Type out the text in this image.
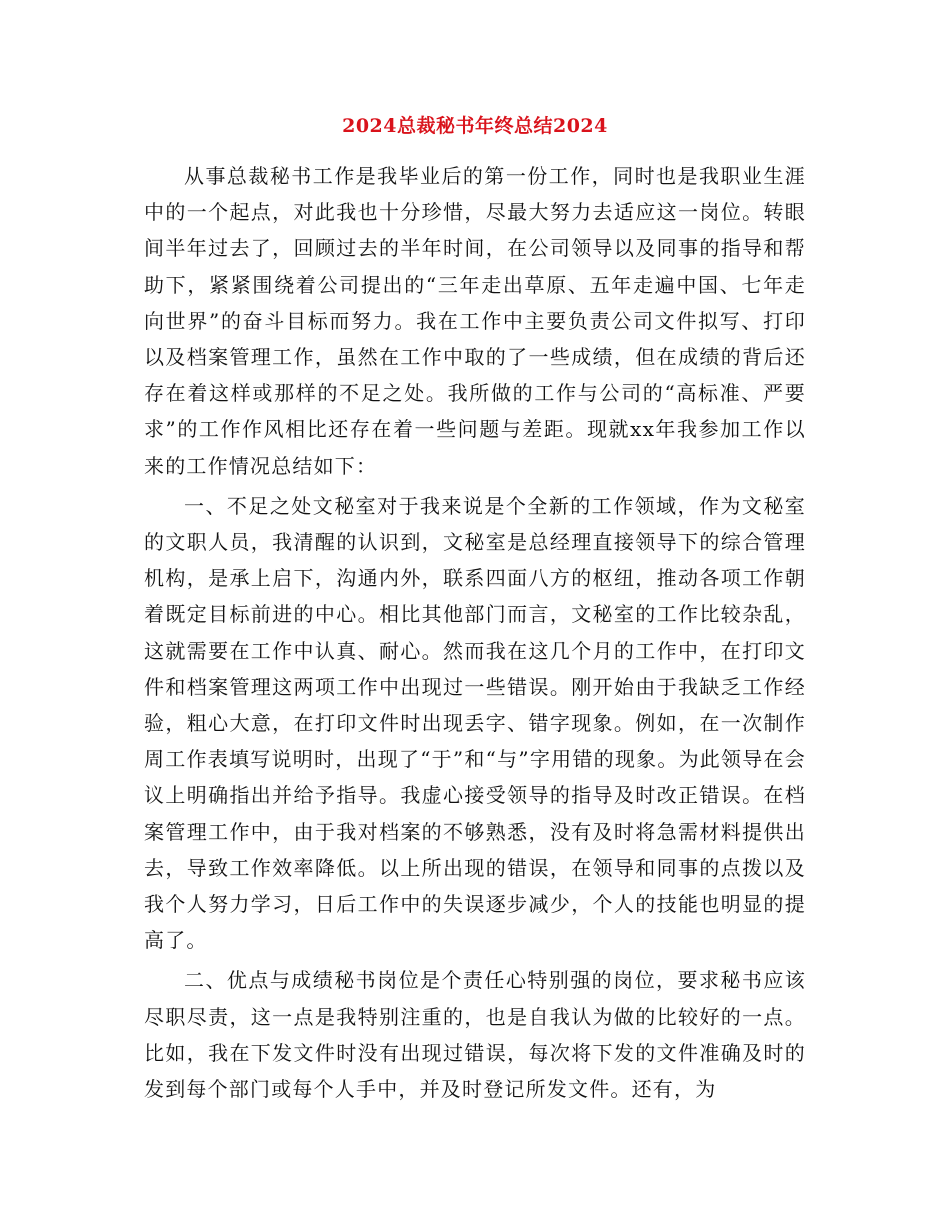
2024总裁秘书年终总结2024

从事总裁秘书工作是我毕业后的第一份工作，同时也是我职业生涯中的一个起点，对此我也十分珍惜，尽最大努力去适应这一岗位。转眼间半年过去了，回顾过去的半年时间，在公司领导以及同事的指导和帮助下，紧紧围绕着公司提出的“三年走出草原、五年走遍中国、七年走向世界”的奋斗目标而努力。我在工作中主要负责公司文件拟写、打印以及档案管理工作，虽然在工作中取的了一些成绩，但在成绩的背后还存在着这样或那样的不足之处。我所做的工作与公司的“高标准、严要求”的工作作风相比还存在着一些问题与差距。现就xx年我参加工作以来的工作情况总结如下：

一、不足之处文秘室对于我来说是个全新的工作领域，作为文秘室的文职人员，我清醒的认识到，文秘室是总经理直接领导下的综合管理机构，是承上启下，沟通内外，联系四面八方的枢纽，推动各项工作朝着既定目标前进的中心。相比其他部门而言，文秘室的工作比较杂乱，这就需要在工作中认真、耐心。然而我在这几个月的工作中，在打印文件和档案管理这两项工作中出现过一些错误。刚开始由于我缺乏工作经验，粗心大意，在打印文件时出现丢字、错字现象。例如，在一次制作周工作表填写说明时，出现了“于”和“与”字用错的现象。为此领导在会议上明确指出并给予指导。我虚心接受领导的指导及时改正错误。在档案管理工作中，由于我对档案的不够熟悉，没有及时将急需材料提供出去，导致工作效率降低。以上所出现的错误，在领导和同事的点拨以及我个人努力学习，日后工作中的失误逐步减少，个人的技能也明显的提高了。

二、优点与成绩秘书岗位是个责任心特别强的岗位，要求秘书应该尽职尽责，这一点是我特别注重的，也是自我认为做的比较好的一点。比如，我在下发文件时没有出现过错误，每次将下发的文件准确及时的发到每个部门或每个人手中，并及时登记所发文件。还有，为
